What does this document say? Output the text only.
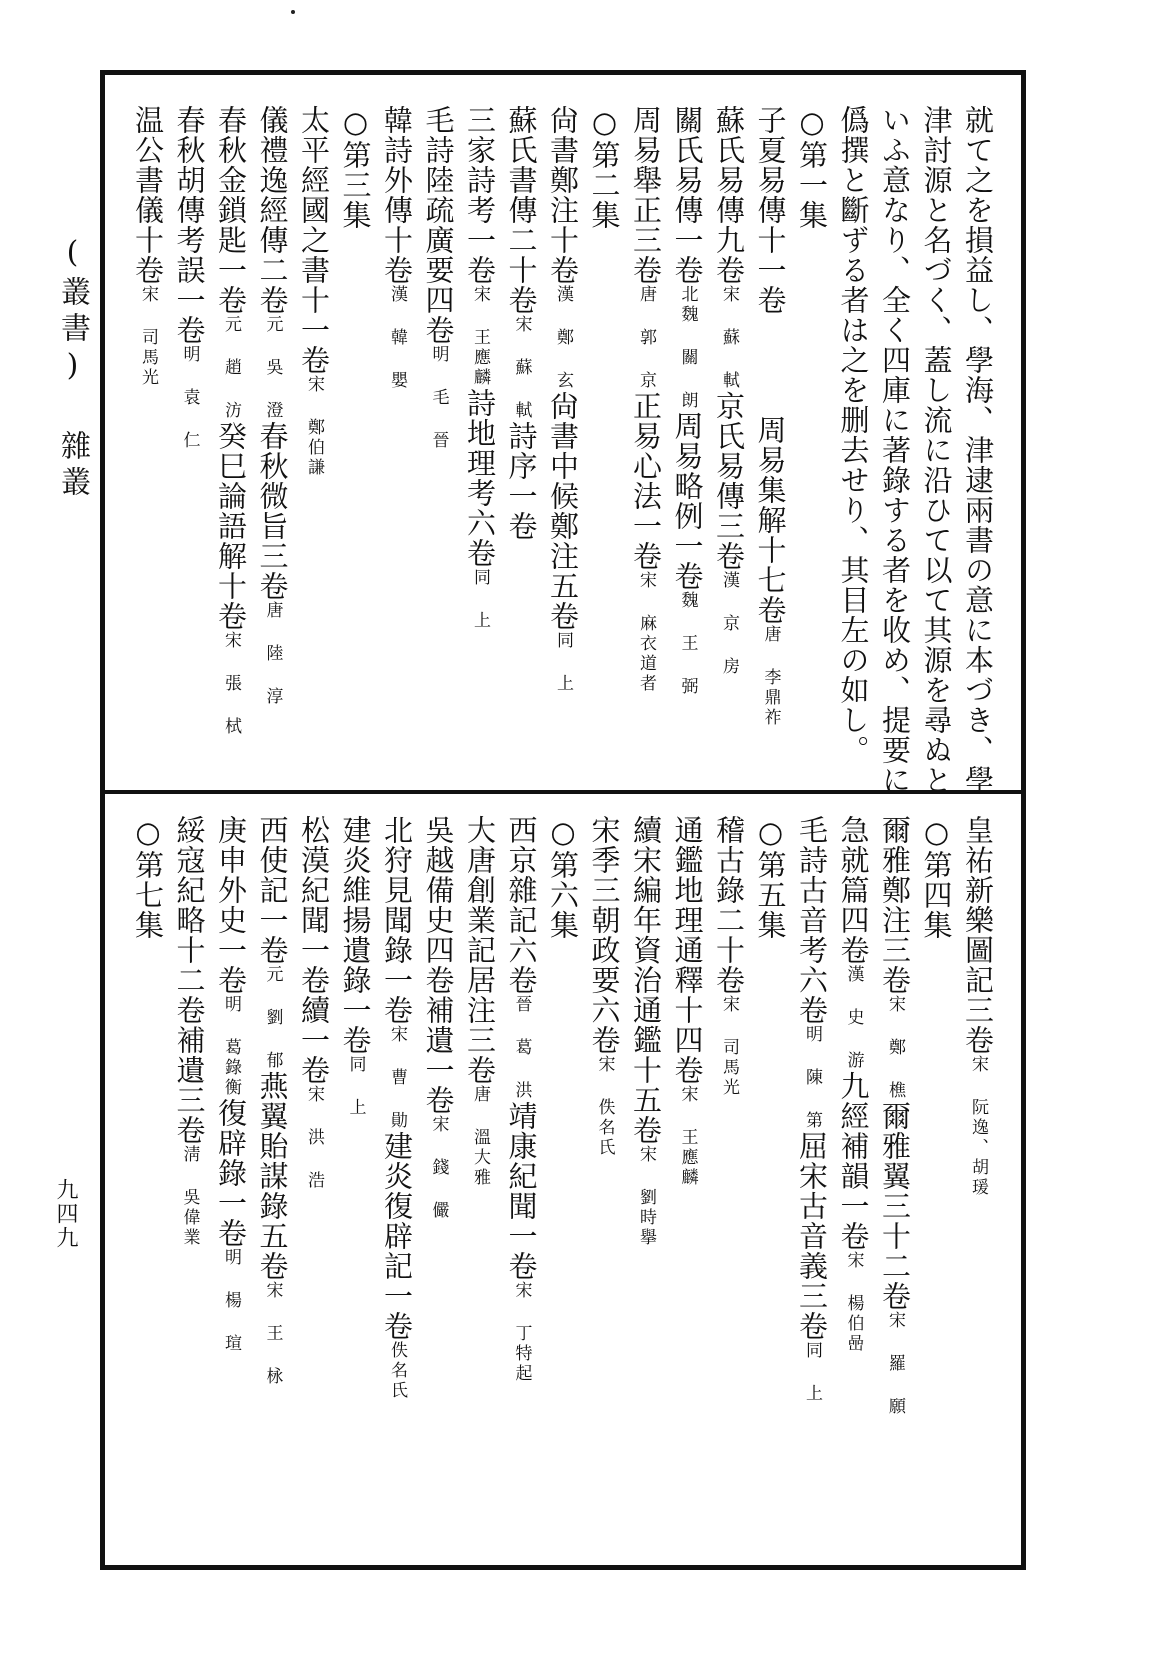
(叢書) 雜叢	就て之を損益し、學海、津逮兩書の意に本づき、學
津討源と名づく、蓋し流に沿ひて以て其源を尋ぬと
いふ意なり、全く四庫に著錄する者を收め、提要に
僞撰と斷ずる者は之を删去せり、其目左の如し。
○第一集
子夏易傳十一卷　　　　　周易集解十七卷唐 李鼎祚
蘇氏易傳九卷宋 蘇 軾京氏易傳三卷漢 京 房
關氏易傳一卷北魏 關 朗周易略例一卷魏 王 弼
周易舉正三卷唐 郭 京正易心法一卷宋 麻衣道者
○第二集
尙書鄭注十卷漢 鄭 玄尙書中候鄭注五卷同 上
蘇氏書傳二十卷宋 蘇 軾詩序一卷
三家詩考一卷宋 王應麟詩地理考六卷同 上
毛詩陸疏廣要四卷明 毛 晉
韓詩外傳十卷漢 韓 嬰
○第三集
太平經國之書十一卷宋 鄭伯謙
儀禮逸經傳二卷元 吳 澄春秋微旨三卷唐 陸 淳
春秋金鎖匙一卷元 趙 汸癸巳論語解十卷宋 張 栻
春秋胡傳考誤一卷明 袁 仁
温公書儀十卷宋 司馬光
皇祐新樂圖記三卷宋 阮逸、胡瑗
○第四集
爾雅鄭注三卷宋 鄭 樵爾雅翼三十二卷宋 羅 願
急就篇四卷漢 史 游九經補韻一卷宋 楊伯喦
毛詩古音考六卷明 陳 第屈宋古音義三卷同 上
○第五集
稽古錄二十卷宋 司馬光
通鑑地理通釋十四卷宋 王應麟
續宋編年資治通鑑十五卷宋 劉時擧
宋季三朝政要六卷宋 佚名氏
○第六集
西京雜記六卷晉 葛 洪靖康紀聞一卷宋 丁特起
大唐創業記居注三卷唐 溫大雅
吳越備史四卷補遺一卷宋 錢 儼
北狩見聞錄一卷宋 曹 勛建炎復辟記一卷佚名氏
建炎維揚遺錄一卷同 上
松漠紀聞一卷續一卷宋 洪 浩
西使記一卷元 劉 郁燕翼貽謀錄五卷宋 王 栐
庚申外史一卷明 葛錄衡復辟錄一卷明 楊 瑄
綏寇紀略十二卷補遺三卷淸 吳偉業
○第七集
九四九
